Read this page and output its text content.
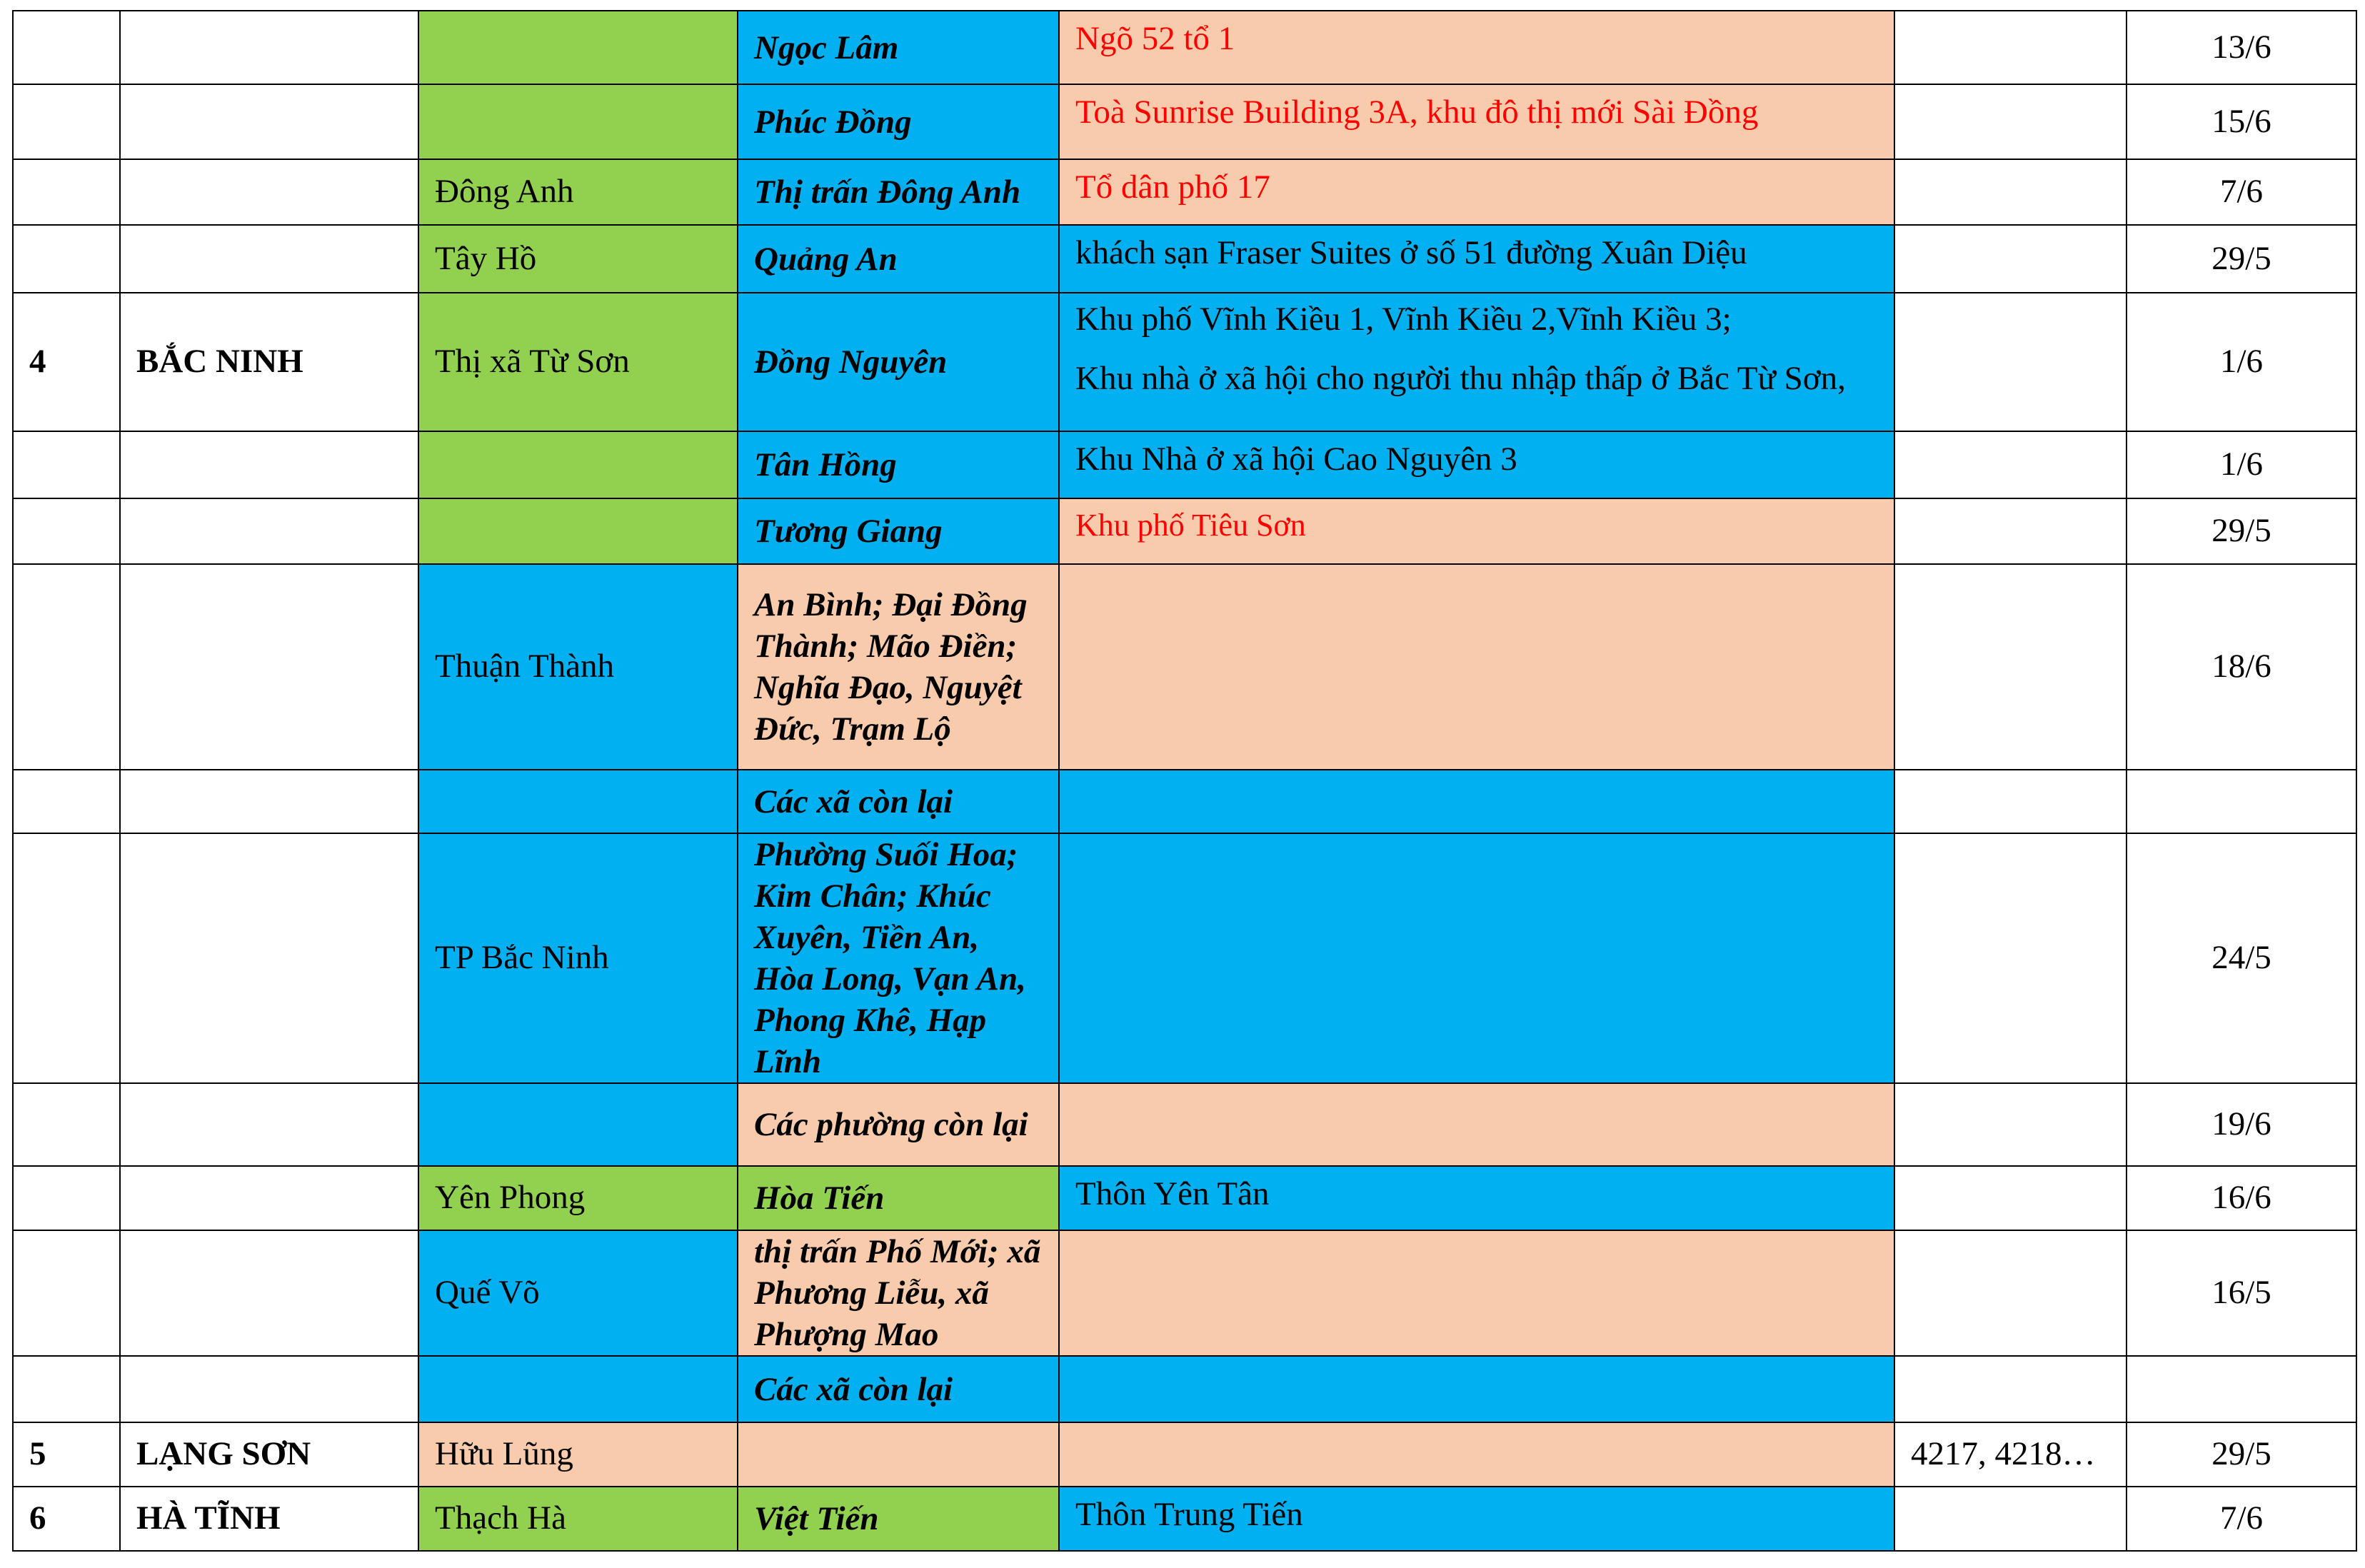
			Ngọc Lâm	Ngõ 52 tổ 1		13/6
			Phúc Đồng	Toà Sunrise Building 3A, khu đô thị mới Sài Đồng		15/6
		Đông Anh	Thị trấn Đông Anh	Tổ dân phố 17		7/6
		Tây Hồ	Quảng An	khách sạn Fraser Suites ở số 51 đường Xuân Diệu		29/5
4	BẮC NINH	Thị xã Từ Sơn	Đồng Nguyên	Khu phố Vĩnh Kiều 1, Vĩnh Kiều 2,Vĩnh Kiều 3;
Khu nhà ở xã hội cho người thu nhập thấp ở Bắc Từ Sơn,		1/6
			Tân Hồng	Khu Nhà ở xã hội Cao Nguyên 3		1/6
			Tương Giang	Khu phố Tiêu Sơn		29/5
		Thuận Thành	An Bình; Đại Đồng Thành; Mão Điền; Nghĩa Đạo, Nguyệt Đức, Trạm Lộ			18/6
			Các xã còn lại			
		TP Bắc Ninh	Phường Suối Hoa; Kim Chân; Khúc Xuyên, Tiền An, Hòa Long, Vạn An, Phong Khê, Hạp Lĩnh			24/5
			Các phường còn lại			19/6
		Yên Phong	Hòa Tiến	Thôn Yên Tân		16/6
		Quế Võ	thị trấn Phố Mới; xã Phương Liễu, xã Phượng Mao			16/5
			Các xã còn lại			
5	LẠNG SƠN	Hữu Lũng			4217, 4218…	29/5
6	HÀ TĨNH	Thạch Hà	Việt Tiến	Thôn Trung Tiến		7/6
